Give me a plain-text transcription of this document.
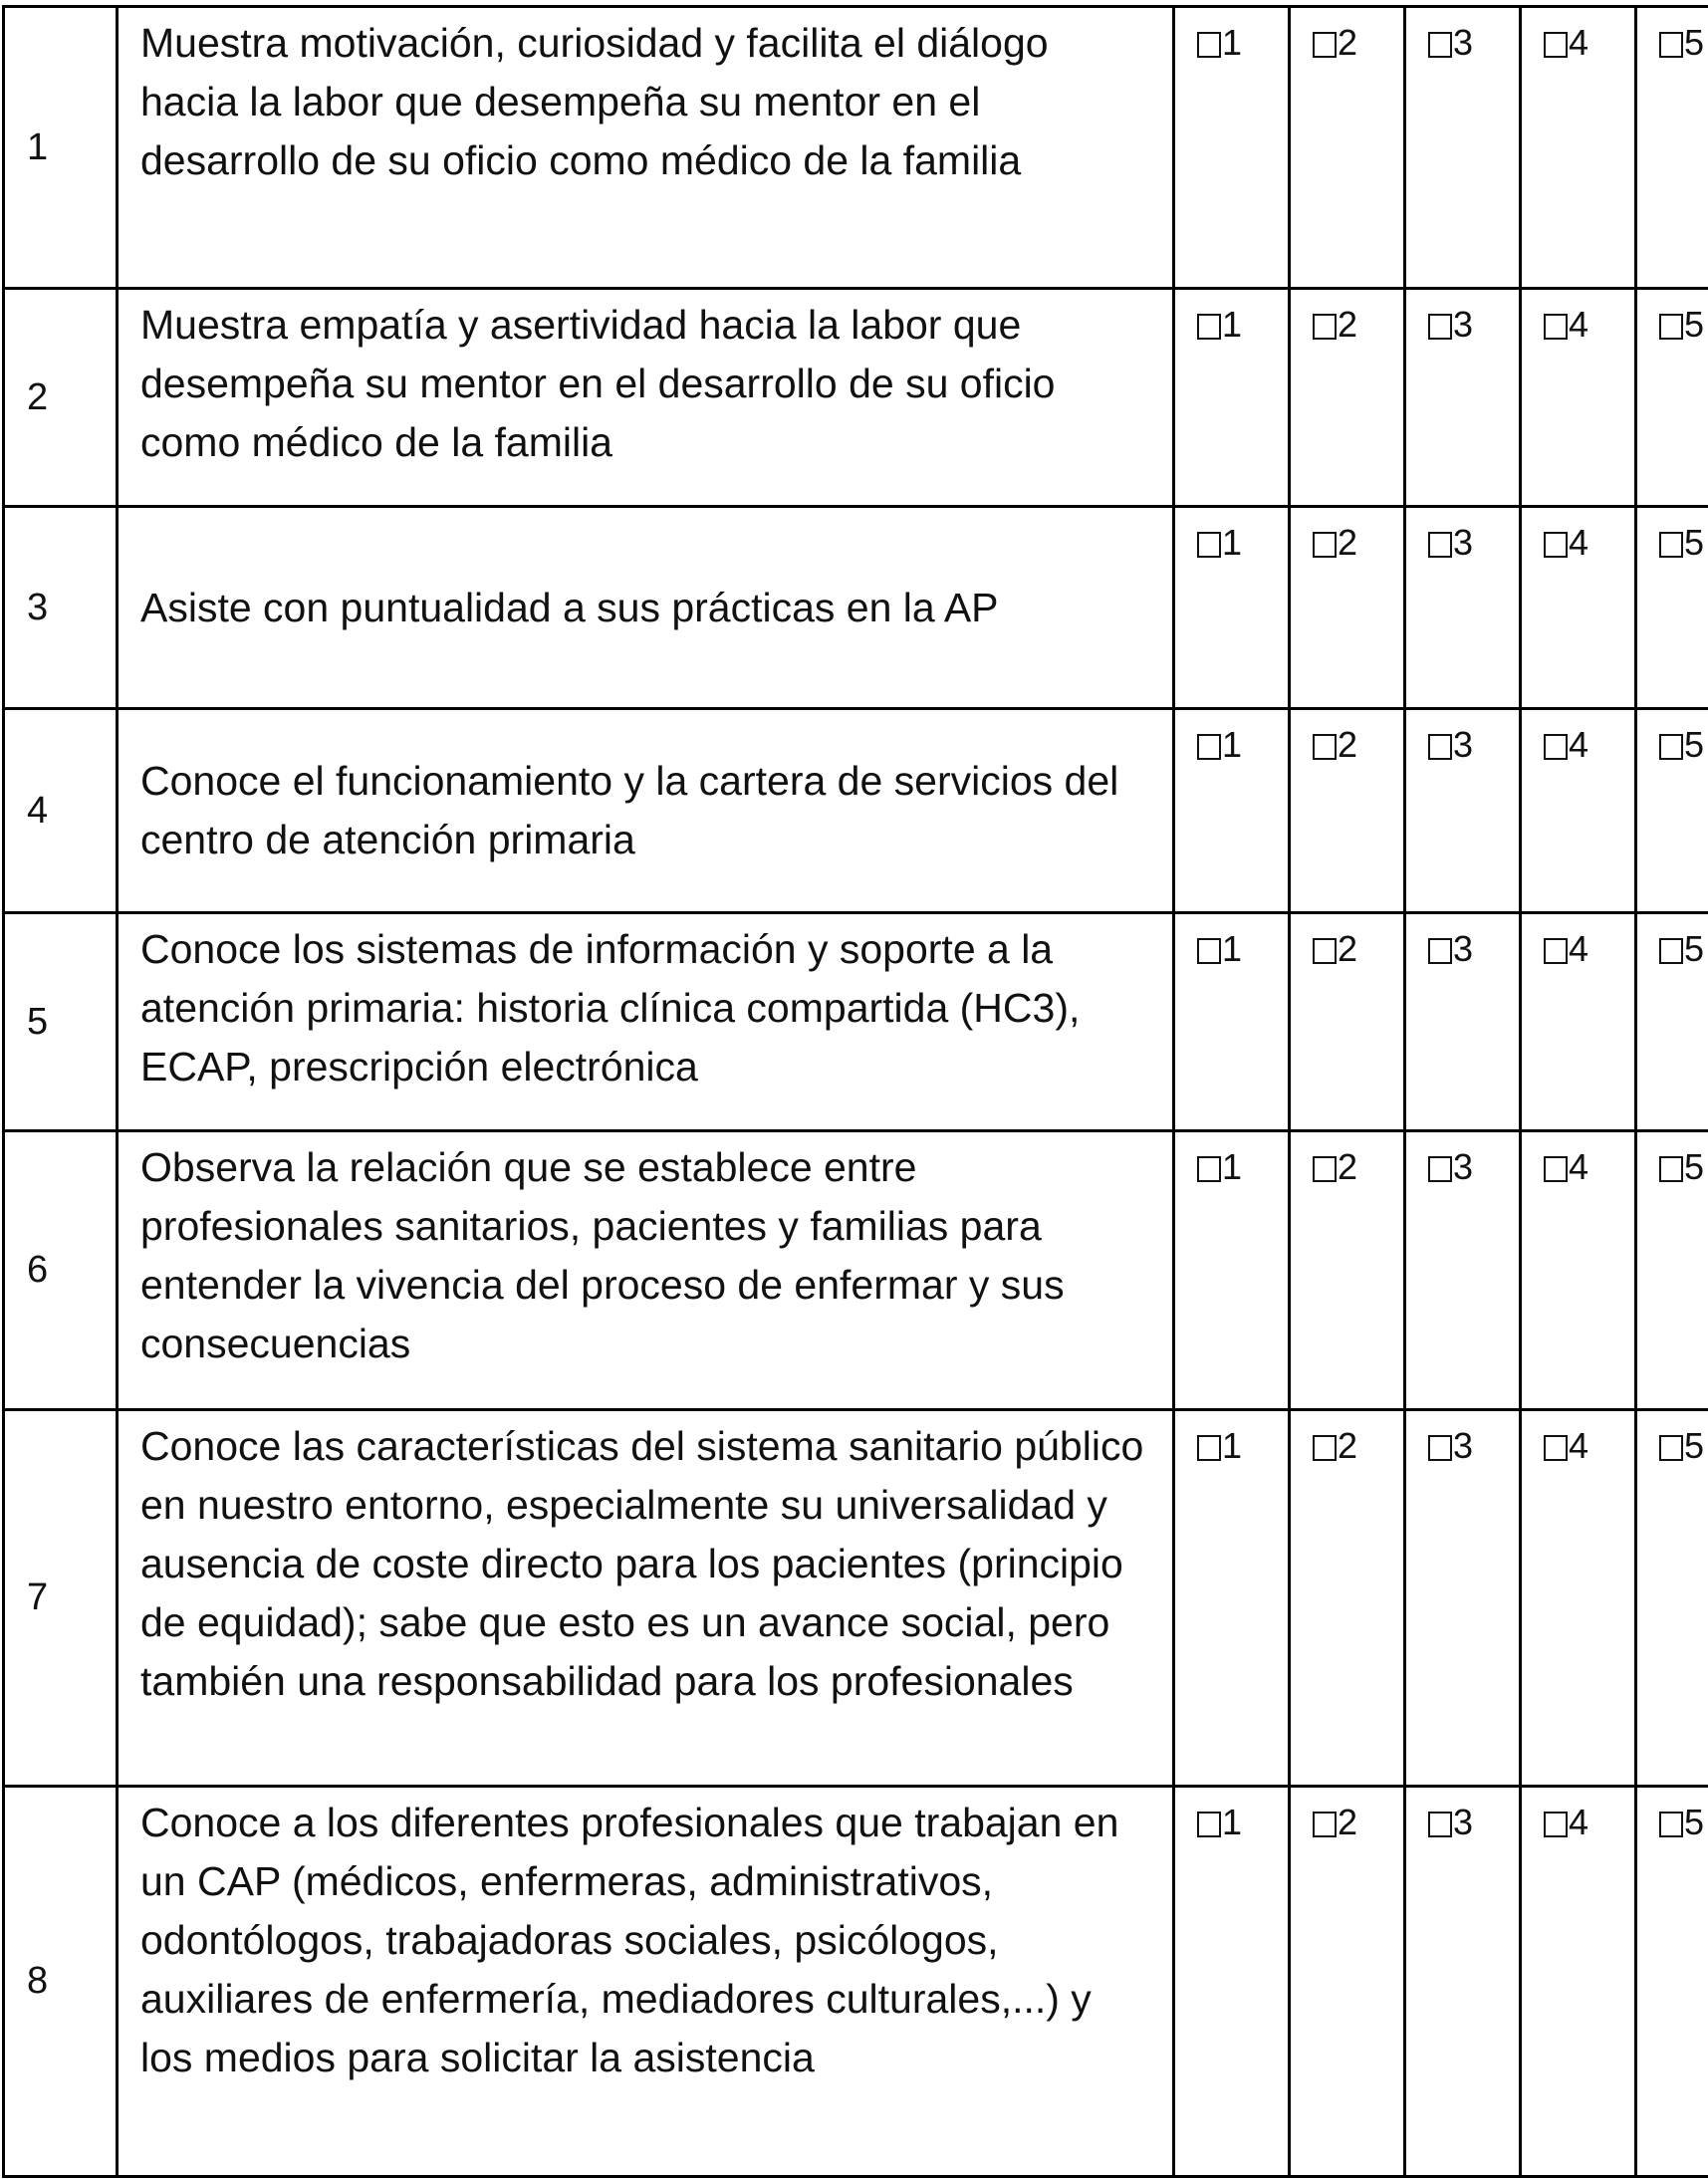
1	Muestra motivación, curiosidad y facilita el diálogo hacia la labor que desempeña su mentor en el desarrollo de su oficio como médico de la familia	1	2	3	4	5
2	Muestra empatía y asertividad hacia la labor que desempeña su mentor en el desarrollo de su oficio como médico de la familia	1	2	3	4	5
3	Asiste con puntualidad a sus prácticas en la AP	1	2	3	4	5
4	Conoce el funcionamiento y la cartera de servicios del centro de atención primaria	1	2	3	4	5
5	Conoce los sistemas de información y soporte a la atención primaria: historia clínica compartida (HC3), ECAP, prescripción electrónica	1	2	3	4	5
6	Observa la relación que se establece entre profesionales sanitarios, pacientes y familias para entender la vivencia del proceso de enfermar y sus consecuencias	1	2	3	4	5
7	Conoce las características del sistema sanitario público en nuestro entorno, especialmente su universalidad y ausencia de coste directo para los pacientes (principio de equidad); sabe que esto es un avance social, pero también una responsabilidad para los profesionales	1	2	3	4	5
8	Conoce a los diferentes profesionales que trabajan en un CAP (médicos, enfermeras, administrativos, odontólogos, trabajadoras sociales, psicólogos, auxiliares de enfermería, mediadores culturales,...) y los medios para solicitar la asistencia	1	2	3	4	5
